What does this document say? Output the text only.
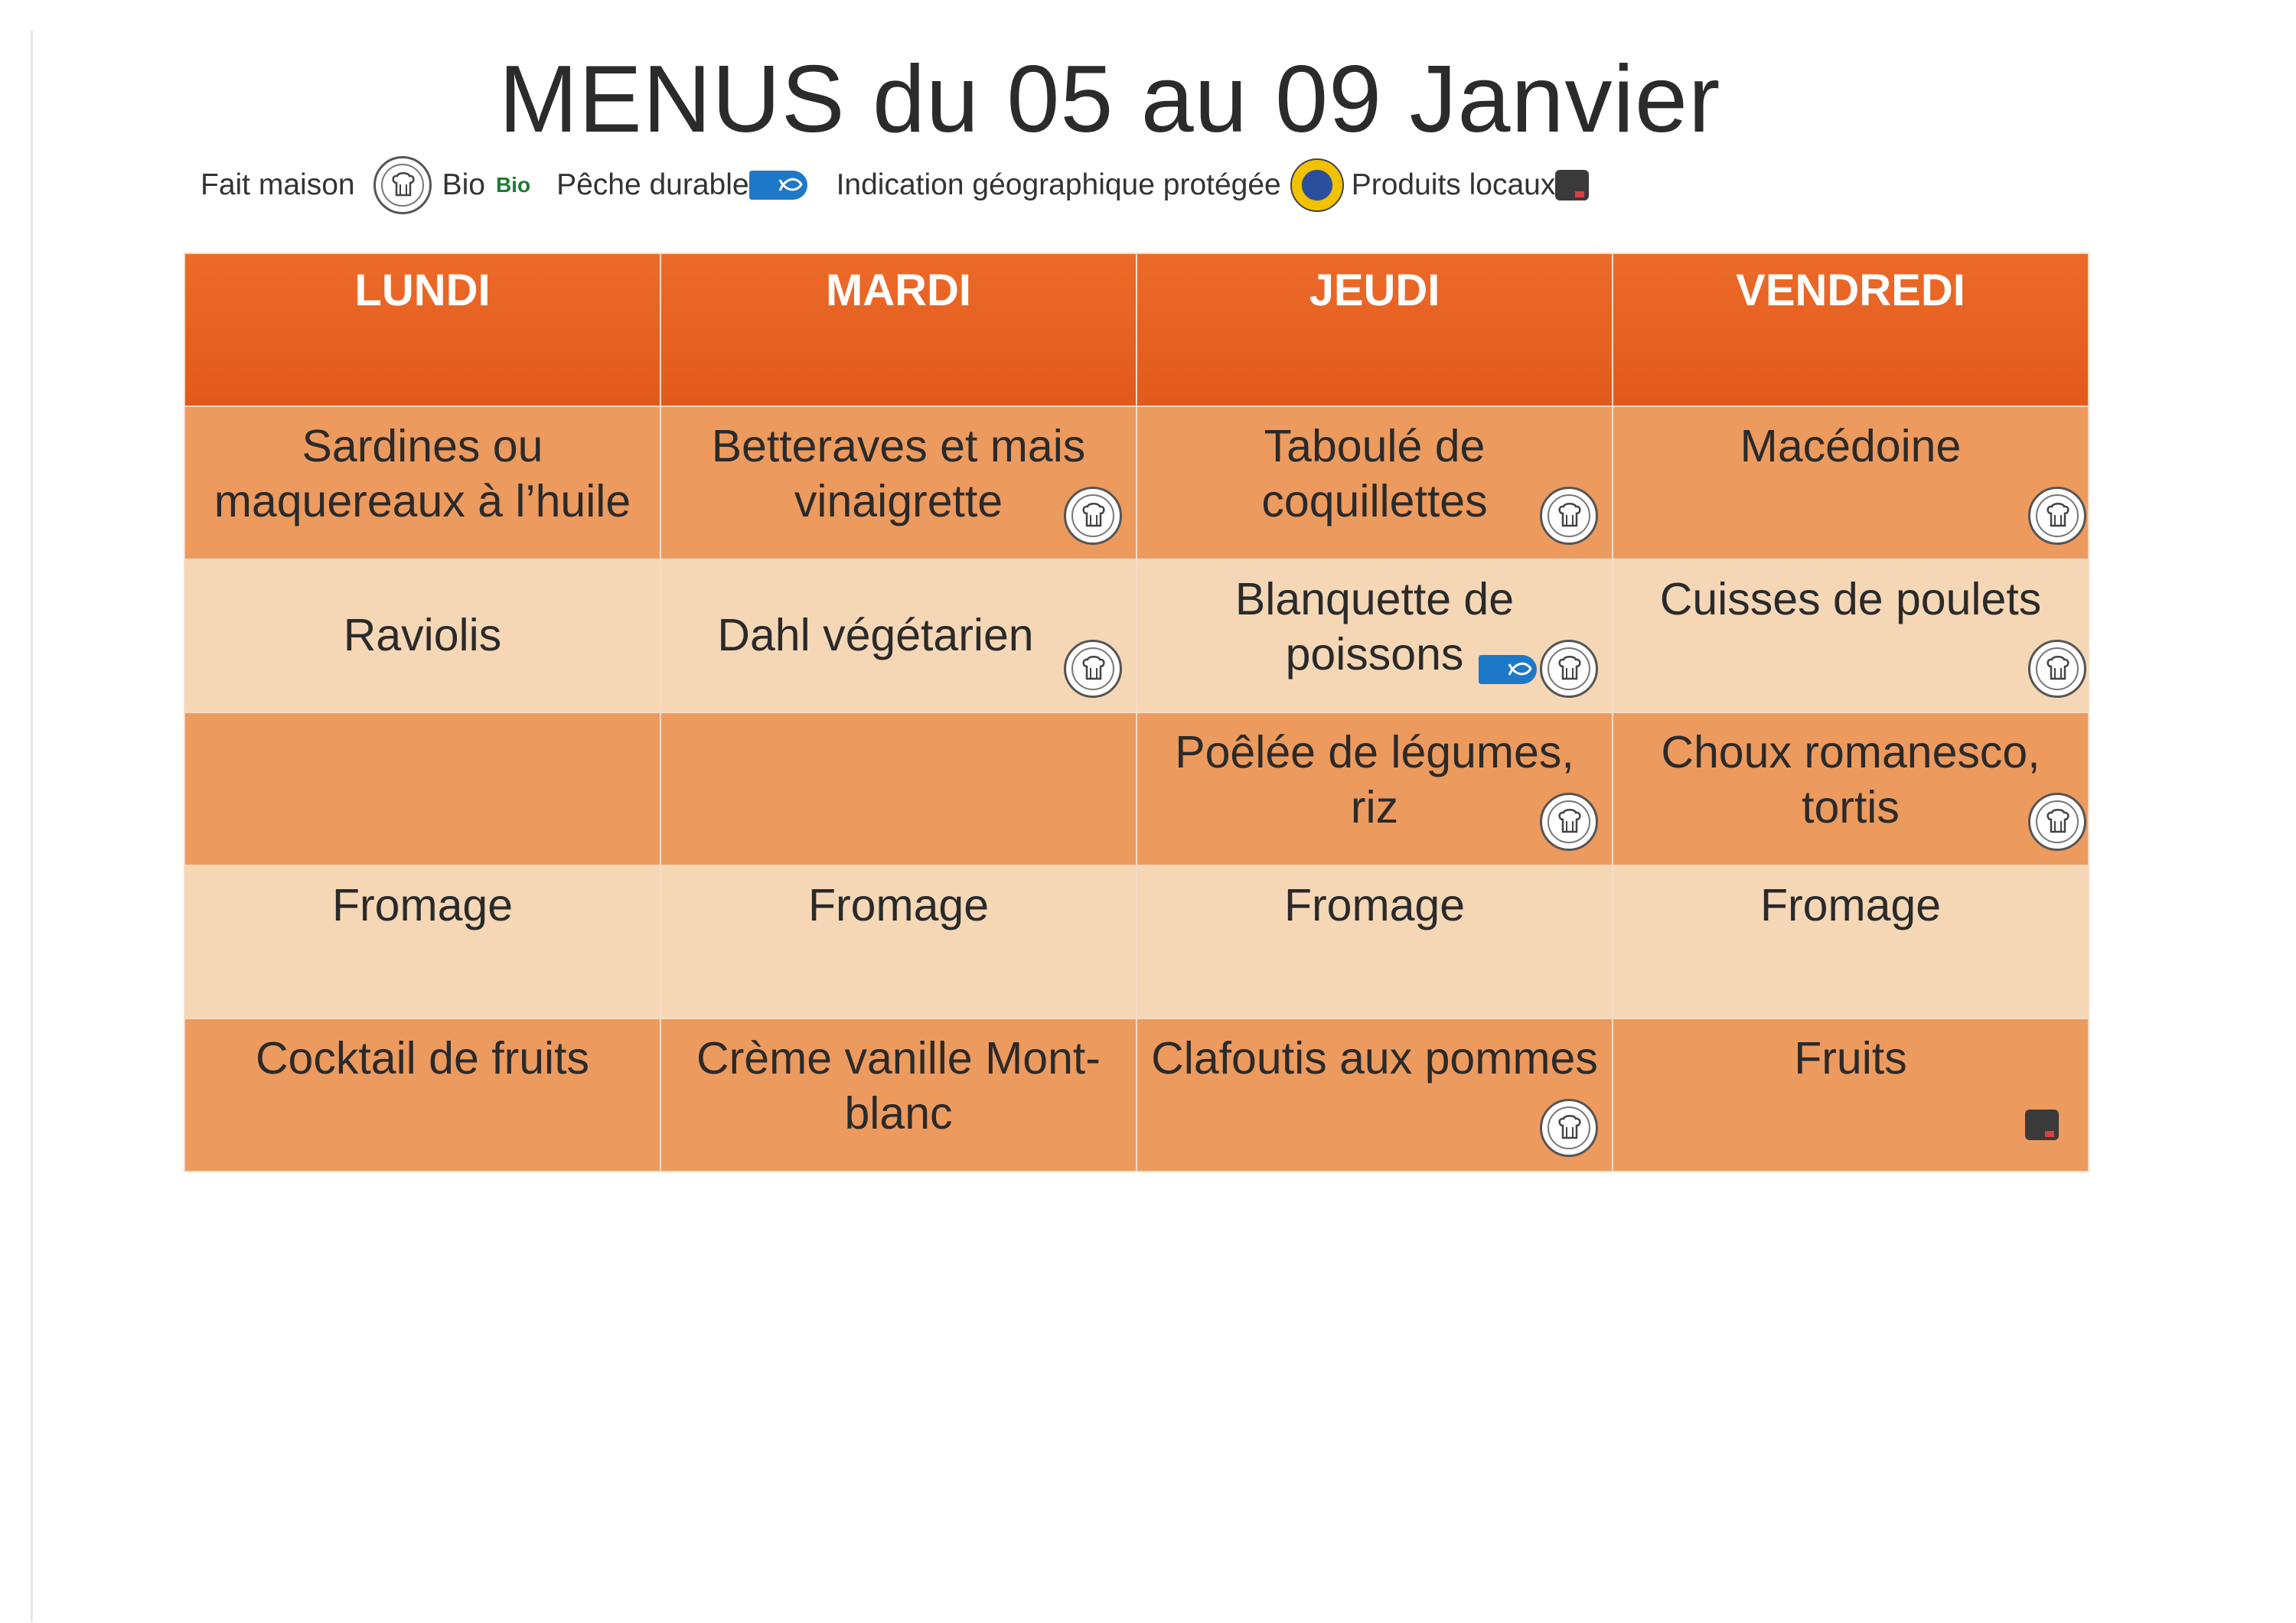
MENUS du 05 au 09 Janvier
Fait maison	Bio Bio Pêche durable	Indication géographique protégée Produits locaux
LUNDI	MARDI	JEUDI	VENDREDI
Sardines ou maquereaux à l’huile	Betteraves et mais vinaigrette	Taboulé de coquillettes	Macédoine

Raviolis	Dahl végétarien	Blanquette de poissons	Cuisses de poulets

		Poêlée de légumes, riz	Choux romanesco, tortis

Fromage	Fromage	Fromage	Fromage
Cocktail de fruits	Crème vanille Mont-blanc	Clafoutis aux pommes	Fruits
